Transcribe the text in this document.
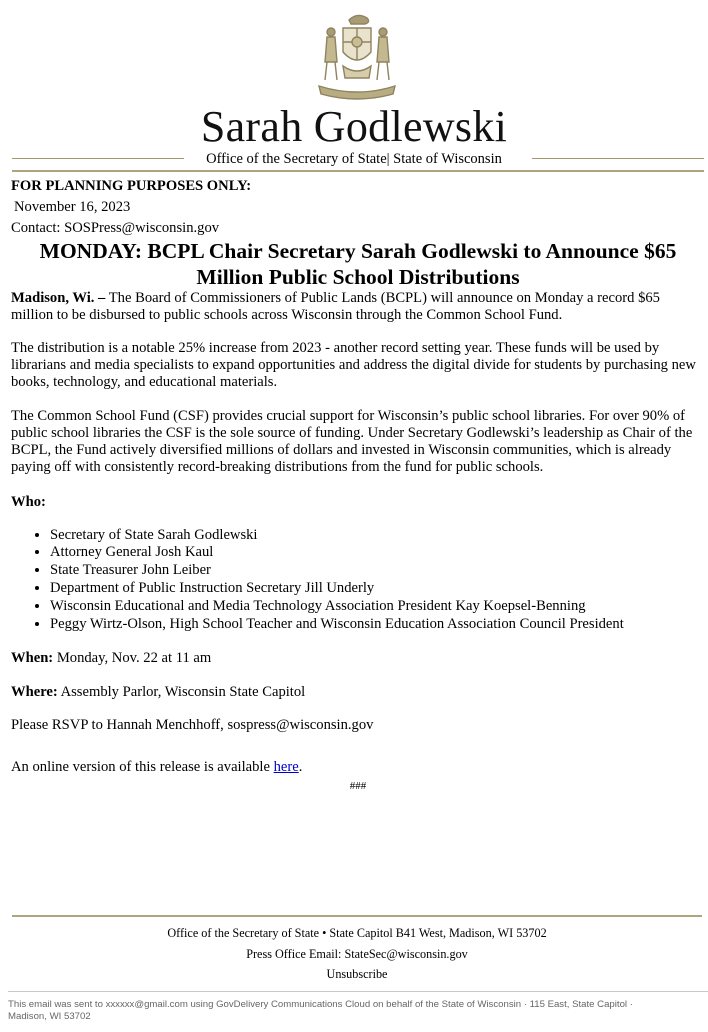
Sarah Godlewski
Office of the Secretary of State| State of Wisconsin

FOR PLANNING PURPOSES ONLY:

November 16, 2023

Contact: SOSPress@wisconsin.gov

MONDAY: BCPL Chair Secretary Sarah Godlewski to Announce $65 Million Public School Distributions

Madison, Wi. – The Board of Commissioners of Public Lands (BCPL) will announce on Monday a record $65 million to be disbursed to public schools across Wisconsin through the Common School Fund.

The distribution is a notable 25% increase from 2023 - another record setting year. These funds will be used by librarians and media specialists to expand opportunities and address the digital divide for students by purchasing new books, technology, and educational materials.

The Common School Fund (CSF) provides crucial support for Wisconsin’s public school libraries. For over 90% of public school libraries the CSF is the sole source of funding. Under Secretary Godlewski’s leadership as Chair of the BCPL, the Fund actively diversified millions of dollars and invested in Wisconsin communities, which is already paying off with consistently record-breaking distributions from the fund for public schools.

Who:

• Secretary of State Sarah Godlewski
• Attorney General Josh Kaul
• State Treasurer John Leiber
• Department of Public Instruction Secretary Jill Underly
• Wisconsin Educational and Media Technology Association President Kay Koepsel-Benning
• Peggy Wirtz-Olson, High School Teacher and Wisconsin Education Association Council President

When: Monday, Nov. 22 at 11 am

Where: Assembly Parlor, Wisconsin State Capitol

Please RSVP to Hannah Menchhoff, sospress@wisconsin.gov

An online version of this release is available here.

###

Office of the Secretary of State • State Capitol B41 West, Madison, WI 53702
Press Office Email: StateSec@wisconsin.gov
Unsubscribe
This email was sent to xxxxxx@gmail.com using GovDelivery Communications Cloud on behalf of the State of Wisconsin · 115 East, State Capitol · Madison, WI 53702
